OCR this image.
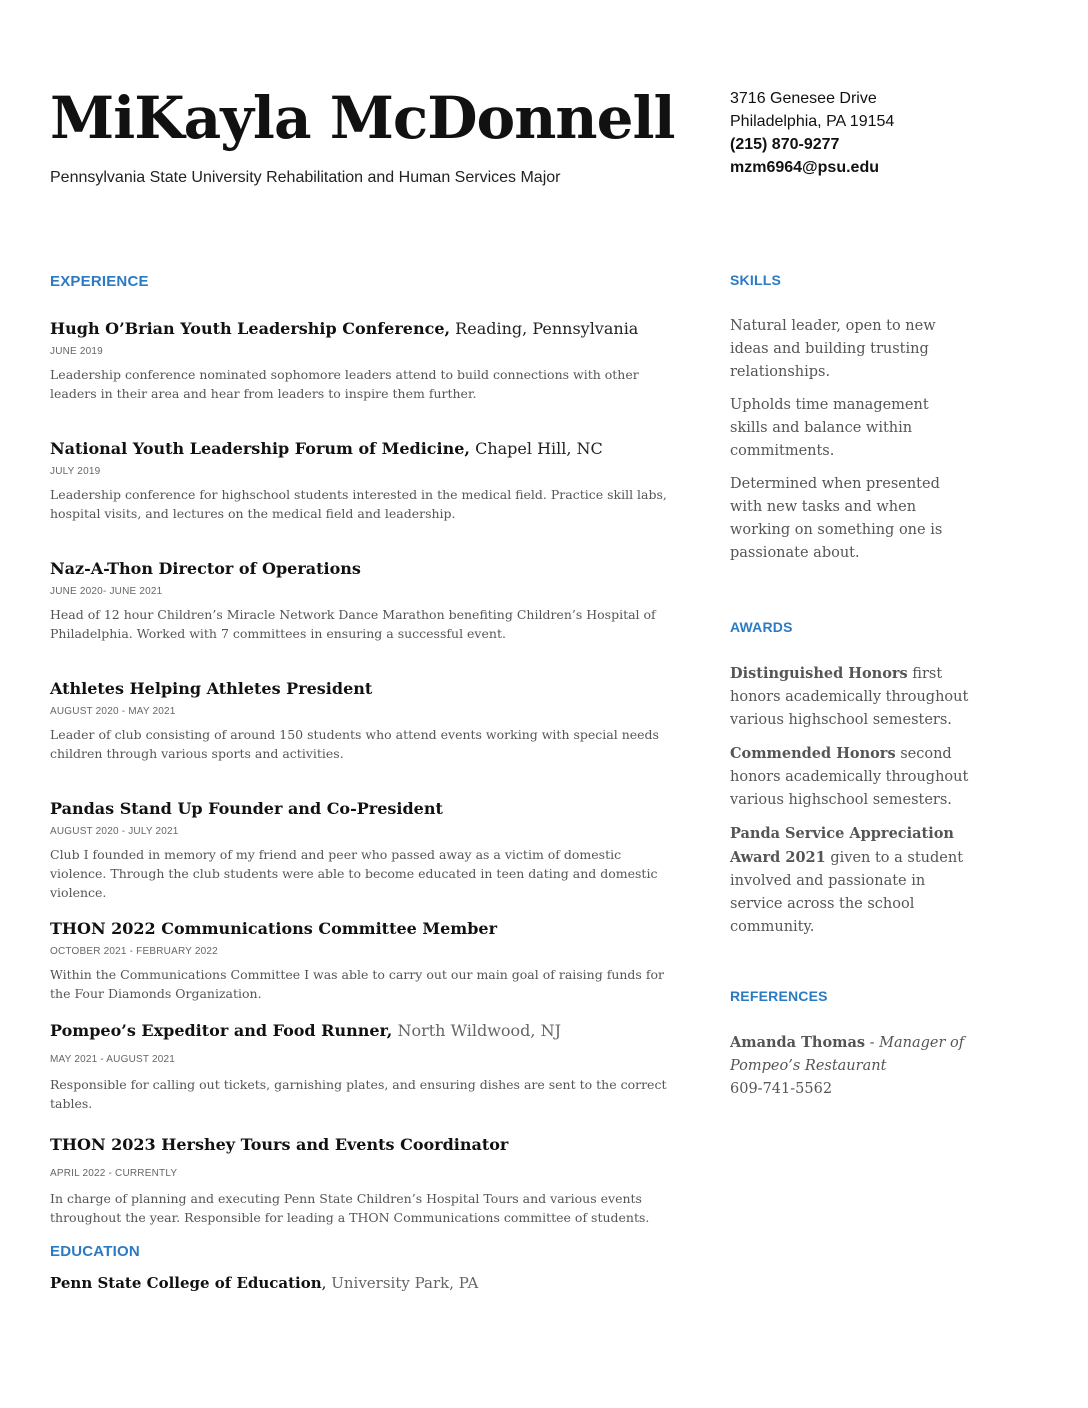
MiKayla McDonnell
Pennsylvania State University Rehabilitation and Human Services Major
3716 Genesee Drive
Philadelphia, PA 19154
(215) 870-9277
mzm6964@psu.edu
EXPERIENCE
Hugh O’Brian Youth Leadership Conference, Reading, Pennsylvania
JUNE 2019
Leadership conference nominated sophomore leaders attend to build connections with other leaders in their area and hear from leaders to inspire them further.
National Youth Leadership Forum of Medicine, Chapel Hill, NC
JULY 2019
Leadership conference for highschool students interested in the medical field. Practice skill labs, hospital visits, and lectures on the medical field and leadership.
Naz-A-Thon Director of Operations
JUNE 2020- JUNE 2021
Head of 12 hour Children’s Miracle Network Dance Marathon benefiting Children’s Hospital of Philadelphia. Worked with 7 committees in ensuring a successful event.
Athletes Helping Athletes President
AUGUST 2020 - MAY 2021
Leader of club consisting of around 150 students who attend events working with special needs children through various sports and activities.
Pandas Stand Up Founder and Co-President
AUGUST 2020 - JULY 2021
Club I founded in memory of my friend and peer who passed away as a victim of domestic violence. Through the club students were able to become educated in teen dating and domestic violence.
THON 2022 Communications Committee Member
OCTOBER 2021 - FEBRUARY 2022
Within the Communications Committee I was able to carry out our main goal of raising funds for the Four Diamonds Organization.
Pompeo’s Expeditor and Food Runner, North Wildwood, NJ
MAY 2021 - AUGUST 2021
Responsible for calling out tickets, garnishing plates, and ensuring dishes are sent to the correct tables.
THON 2023 Hershey Tours and Events Coordinator
APRIL 2022 - CURRENTLY
In charge of planning and executing Penn State Children’s Hospital Tours and various events throughout the year. Responsible for leading a THON Communications committee of students.
EDUCATION
Penn State College of Education, University Park, PA
SKILLS

Natural leader, open to new ideas and building trusting relationships.

Upholds time management skills and balance within commitments.

Determined when presented with new tasks and when working on something one is passionate about.

AWARDS

Distinguished Honors first honors academically throughout various highschool semesters.

Commended Honors second honors academically throughout various highschool semesters.

Panda Service Appreciation Award 2021 given to a student involved and passionate in service across the school community.

REFERENCES
Amanda Thomas - Manager of Pompeo’s Restaurant
609-741-5562
